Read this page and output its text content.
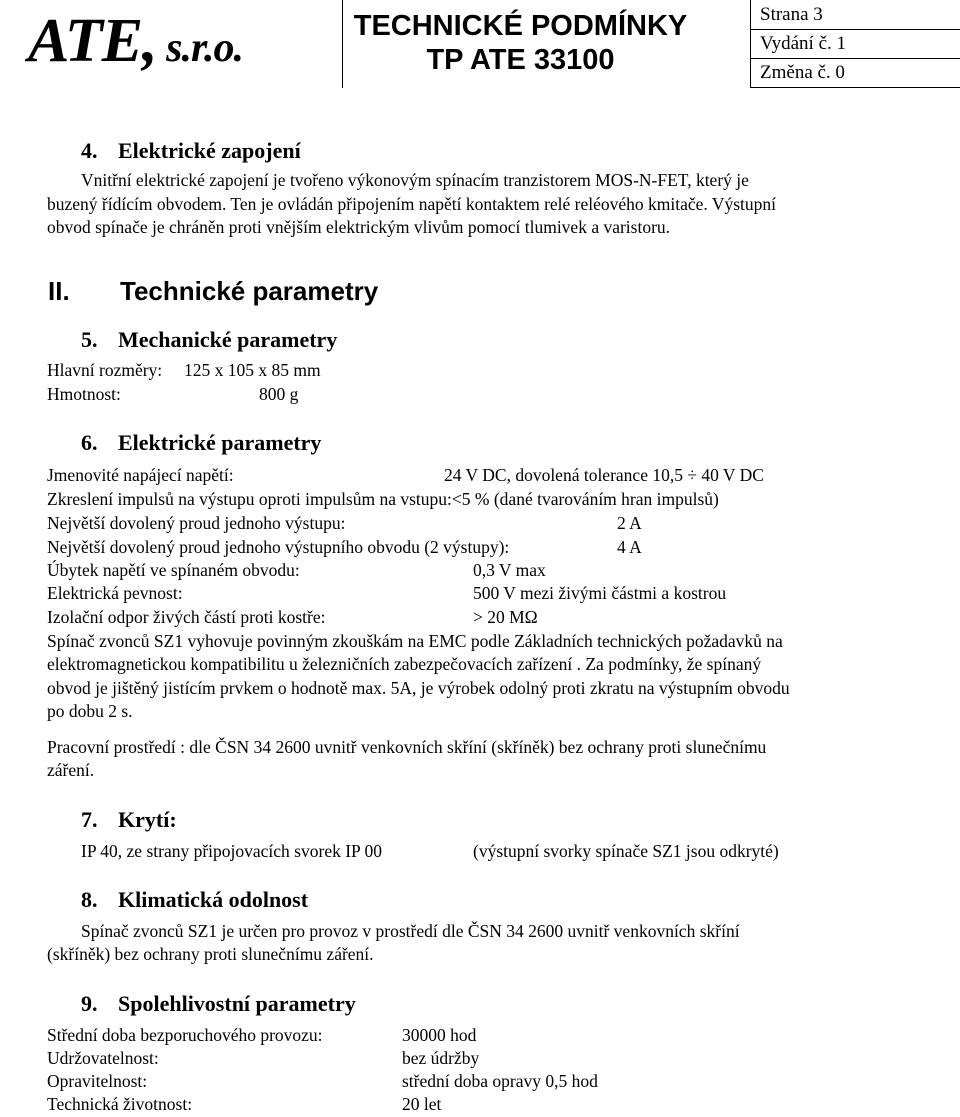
ATE, s.r.o.	TECHNICKÉ PODMÍNKY
TP ATE 33100
Strana 3
Vydání č. 1
Změna č. 0
4. Elektrické zapojení
Vnitřní elektrické zapojení je tvořeno výkonovým spínacím tranzistorem MOS-N-FET, který je
buzený řídícím obvodem. Ten je ovládán připojením napětí kontaktem relé reléového kmitače. Výstupní
obvod spínače je chráněn proti vnějším elektrickým vlivům pomocí tlumivek a varistoru.
II. Technické parametry
5. Mechanické parametry
Hlavní rozměry: 125 x 105 x 85 mm
Hmotnost:	800 g
6. Elektrické parametry
Jmenovité napájecí napětí:	24 V DC, dovolená tolerance 10,5 ÷ 40 V DC
Zkreslení impulsů na výstupu oproti impulsům na vstupu:<5 % (dané tvarováním hran impulsů)
Největší dovolený proud jednoho výstupu:	2 A
Největší dovolený proud jednoho výstupního obvodu (2 výstupy):	4 A
Úbytek napětí ve spínaném obvodu:	0,3 V max
Elektrická pevnost:	500 V mezi živými částmi a kostrou
Izolační odpor živých částí proti kostře:	> 20 MΩ
Spínač zvonců SZ1 vyhovuje povinným zkouškám na EMC podle Základních technických požadavků na
elektromagnetickou kompatibilitu u železničních zabezpečovacích zařízení . Za podmínky, že spínaný
obvod je jištěný jistícím prvkem o hodnotě max. 5A, je výrobek odolný proti zkratu na výstupním obvodu
po dobu 2 s.
Pracovní prostředí : dle ČSN 34 2600 uvnitř venkovních skříní (skříněk) bez ochrany proti slunečnímu
záření.
7. Krytí:
IP 40, ze strany připojovacích svorek IP 00	(výstupní svorky spínače SZ1 jsou odkryté)
8. Klimatická odolnost
Spínač zvonců SZ1 je určen pro provoz v prostředí dle ČSN 34 2600 uvnitř venkovních skříní
(skříněk) bez ochrany proti slunečnímu záření.
9. Spolehlivostní parametry
Střední doba bezporuchového provozu:	30000 hod
Udržovatelnost:	bez údržby
Opravitelnost:	střední doba opravy 0,5 hod
Technická životnost:	20 let
